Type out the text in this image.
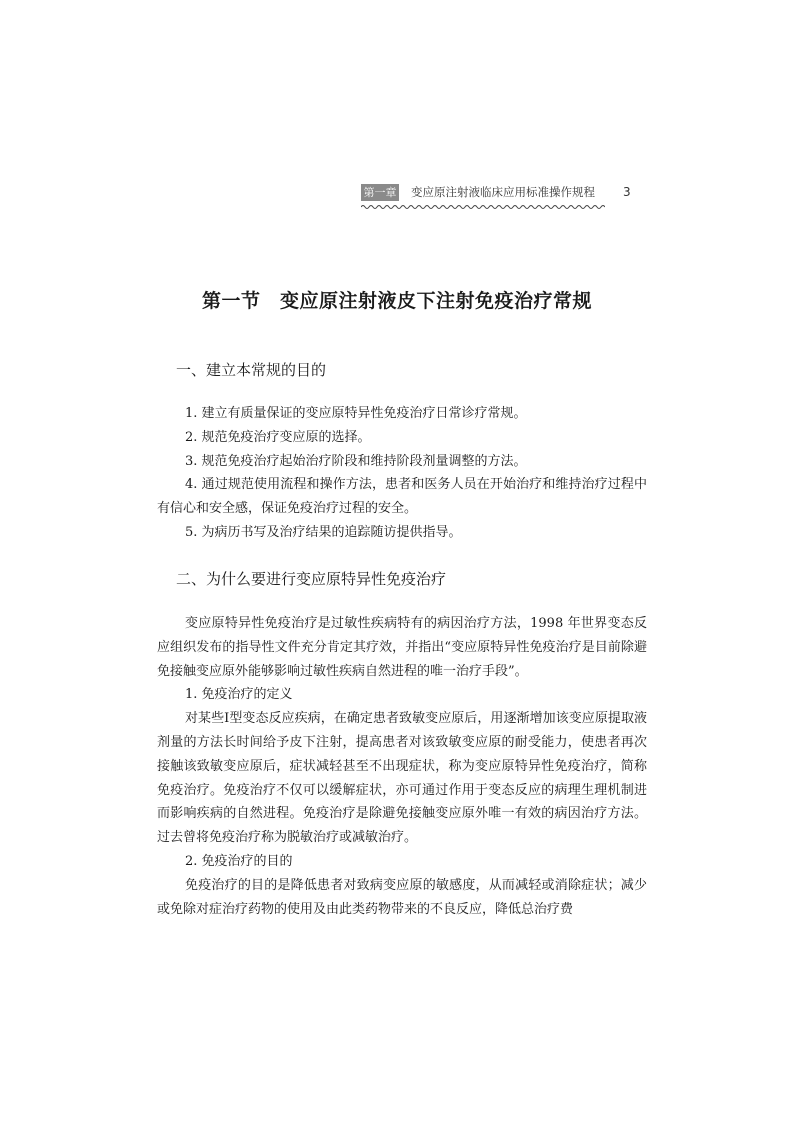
第一章 变应原注射液临床应用标准操作规程 3
第一节　变应原注射液皮下注射免疫治疗常规
一、建立本常规的目的

1. 建立有质量保证的变应原特异性免疫治疗日常诊疗常规。

2. 规范免疫治疗变应原的选择。

3. 规范免疫治疗起始治疗阶段和维持阶段剂量调整的方法。

4. 通过规范使用流程和操作方法，患者和医务人员在开始治疗和维持治疗过程中有信心和安全感，保证免疫治疗过程的安全。

5. 为病历书写及治疗结果的追踪随访提供指导。

二、为什么要进行变应原特异性免疫治疗

变应原特异性免疫治疗是过敏性疾病特有的病因治疗方法，1998 年世界变态反应组织发布的指导性文件充分肯定其疗效，并指出“变应原特异性免疫治疗是目前除避免接触变应原外能够影响过敏性疾病自然进程的唯一治疗手段”。

1. 免疫治疗的定义

对某些Ⅰ型变态反应疾病，在确定患者致敏变应原后，用逐渐增加该变应原提取液剂量的方法长时间给予皮下注射，提高患者对该致敏变应原的耐受能力，使患者再次接触该致敏变应原后，症状减轻甚至不出现症状，称为变应原特异性免疫治疗，简称免疫治疗。免疫治疗不仅可以缓解症状，亦可通过作用于变态反应的病理生理机制进而影响疾病的自然进程。免疫治疗是除避免接触变应原外唯一有效的病因治疗方法。过去曾将免疫治疗称为脱敏治疗或减敏治疗。

2. 免疫治疗的目的

免疫治疗的目的是降低患者对致病变应原的敏感度，从而减轻或消除症状；减少或免除对症治疗药物的使用及由此类药物带来的不良反应，降低总治疗费
